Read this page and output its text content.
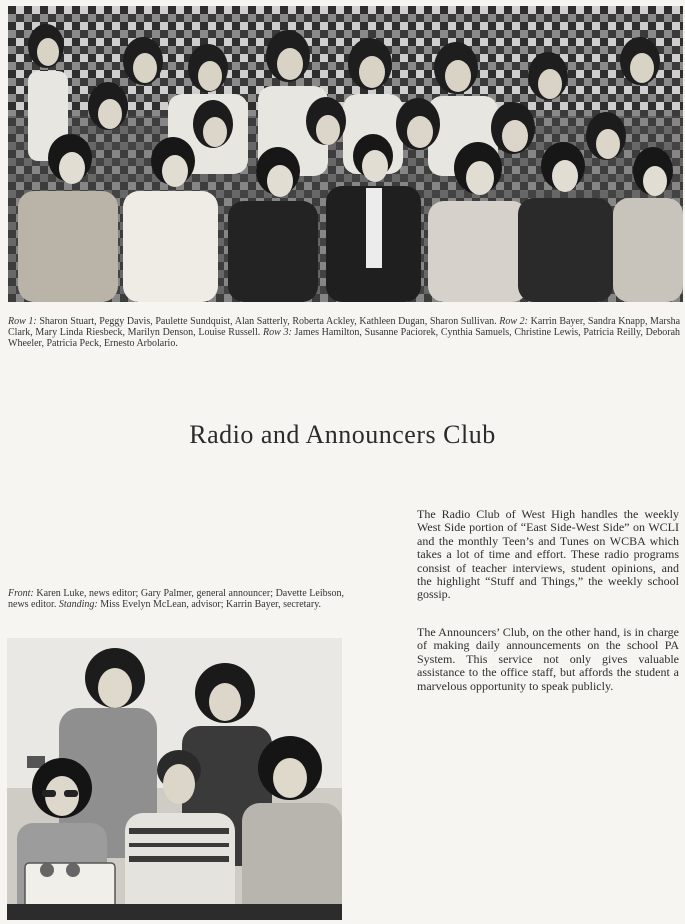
Row 1: Sharon Stuart, Peggy Davis, Paulette Sundquist, Alan Satterly, Roberta Ackley, Kathleen Dugan, Sharon Sullivan. Row 2: Karrin Bayer, Sandra Knapp, Marsha Clark, Mary Linda Riesbeck, Marilyn Denson, Louise Russell. Row 3: James Hamilton, Susanne Paciorek, Cynthia Samuels, Christine Lewis, Patricia Reilly, Deborah Wheeler, Patricia Peck, Ernesto Arbolario.

Radio and Announcers Club

The Radio Club of West High handles the weekly West Side portion of “East Side-West Side” on WCLI and the monthly Teen’s and Tunes on WCBA which takes a lot of time and effort. These radio programs consist of teacher interviews, student opinions, and the highlight “Stuff and Things,” the weekly school gossip.

The Announcers’ Club, on the other hand, is in charge of making daily announcements on the school PA System. This service not only gives valuable assistance to the office staff, but affords the student a marvelous opportunity to speak publicly.

Front: Karen Luke, news editor; Gary Palmer, general announcer; Davette Leibson, news editor. Standing: Miss Evelyn McLean, advisor; Karrin Bayer, secretary.
